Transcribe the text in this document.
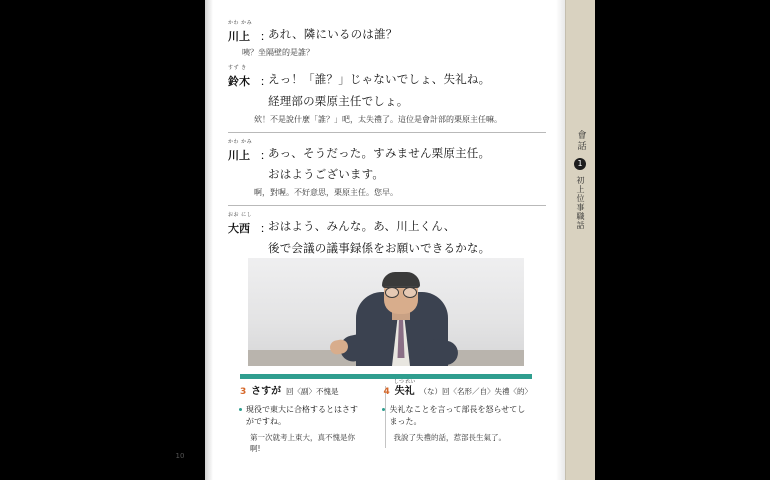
會話
1
初上位事職話
かわ かみ
川上 ：
あれ、隣にいるのは誰？
咦？坐隔壁的是誰？
すず き
鈴木 ：
えっ！「誰？」じゃないでしょ、失礼ね。
経理部の栗原主任でしょ。
欸！不是說什麼「誰？」吧，太失禮了。這位是會計部的栗原主任嘛。
かわ かみ
川上 ：
あっ、そうだった。すみません栗原主任。
おはようございます。
啊，對喔。不好意思，栗原主任。您早。
おお にし
大西 ：
おはよう、みんな。あ、川上くん、
後で会議の議事録係をお願いできるかな。
3 さすが 回〈副〉不愧是
現役で東大に合格するとはさすがですね。
第一次就考上東大，真不愧是你啊!
4
しつ れい
失礼 （な）回〈名形／自〉失禮〈的〉
失礼なことを言って部長を怒らせてしまった。
我說了失禮的話，惹部長生氣了。
10
